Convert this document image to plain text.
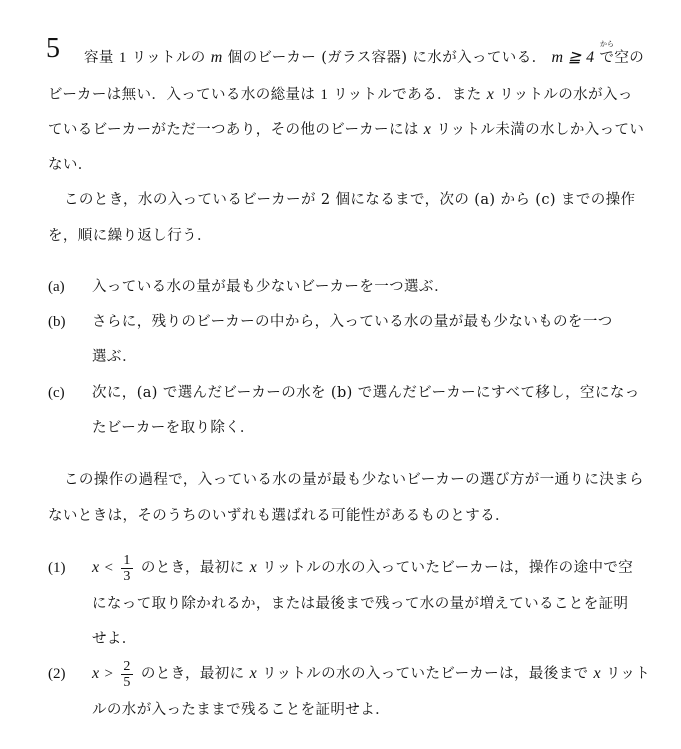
5	から
容量 1 リットルの m 個のビーカー (ガラス容器) に水が入っている． m ≧ 4 で空の
ビーカーは無い．入っている水の総量は 1 リットルである．また x リットルの水が入っ
ているビーカーがただ一つあり，その他のビーカーには x リットル未満の水しか入ってい
ない．
このとき，水の入っているビーカーが 2 個になるまで，次の (a) から (c) までの操作
を，順に繰り返し行う．
(a) 入っている水の量が最も少ないビーカーを一つ選ぶ．
(b) さらに，残りのビーカーの中から，入っている水の量が最も少ないものを一つ
選ぶ．
(c) 次に，(a) で選んだビーカーの水を (b) で選んだビーカーにすべて移し，空になっ
たビーカーを取り除く．
この操作の過程で，入っている水の量が最も少ないビーカーの選び方が一通りに決まら
ないときは，そのうちのいずれも選ばれる可能性があるものとする．
(1) $x < \frac{1}{3}$ のとき，最初に x リットルの水の入っていたビーカーは，操作の途中で空
になって取り除かれるか，または最後まで残って水の量が増えていることを証明
せよ．
(2) $x > \frac{2}{5}$ のとき，最初に x リットルの水の入っていたビーカーは，最後まで x リット
ルの水が入ったままで残ることを証明せよ．
